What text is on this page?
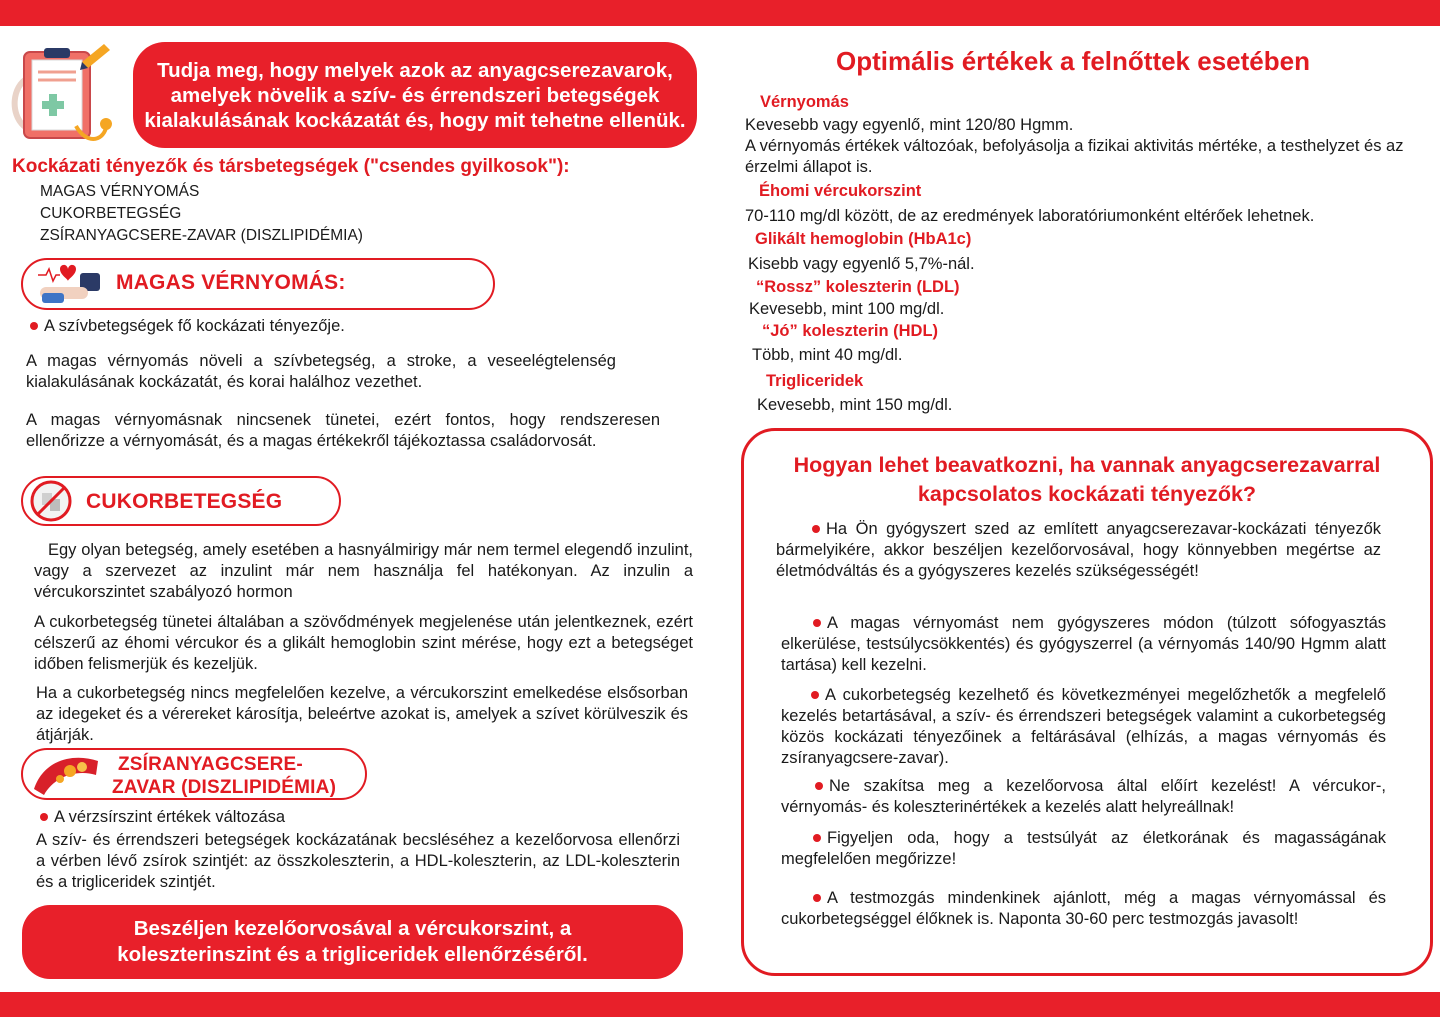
Tudja meg, hogy melyek azok az anyagcserezavarok, amelyek növelik a szív- és érrendszeri betegségek kialakulásának kockázatát és, hogy mit tehetne ellenük.
Kockázati tényezők és társbetegségek ("csendes gyilkosok"):
MAGAS VÉRNYOMÁS
CUKORBETEGSÉG
ZSÍRANYAGCSERE-ZAVAR (DISZLIPIDÉMIA)
MAGAS VÉRNYOMÁS:
A szívbetegségek fő kockázati tényezője.
A magas vérnyomás növeli a szívbetegség, a stroke, a veseelégtelenség kialakulásának kockázatát, és korai halálhoz vezethet.
A magas vérnyomásnak nincsenek tünetei, ezért fontos, hogy rendszeresen ellenőrizze a vérnyomását, és a magas értékekről tájékoztassa családorvosát.
CUKORBETEGSÉG
Egy olyan betegség, amely esetében a hasnyálmirigy már nem termel elegendő inzulint, vagy a szervezet az inzulint már nem használja fel hatékonyan. Az inzulin a vércukorszintet szabályozó hormon
A cukorbetegség tünetei általában a szövődmények megjelenése után jelentkeznek, ezért célszerű az éhomi vércukor és a glikált hemoglobin szint mérése, hogy ezt a betegséget időben felismerjük és kezeljük.
Ha a cukorbetegség nincs megfelelően kezelve, a vércukorszint emelkedése elsősorban az idegeket és a vérereket károsítja, beleértve azokat is, amelyek a szívet körülveszik és átjárják.
ZSÍRANYAGCSERE-
ZAVAR (DISZLIPIDÉMIA)
A vérzsírszint értékek változása
A szív- és érrendszeri betegségek kockázatának becsléséhez a kezelőorvosa ellenőrzi a vérben lévő zsírok szintjét: az összkoleszterin, a HDL-koleszterin, az LDL-koleszterin és a trigliceridek szintjét.
Beszéljen kezelőorvosával a vércukorszint, a koleszterinszint és a trigliceridek ellenőrzéséről.
Optimális értékek a felnőttek esetében
Vérnyomás
Kevesebb vagy egyenlő, mint 120/80 Hgmm.
A vérnyomás értékek változóak, befolyásolja a fizikai aktivitás mértéke, a testhelyzet és az érzelmi állapot is.
Éhomi vércukorszint
70-110 mg/dl között, de az eredmények laboratóriumonként eltérőek lehetnek.
Glikált hemoglobin (HbA1c)
Kisebb vagy egyenlő 5,7%-nál.
“Rossz” koleszterin (LDL)
Kevesebb, mint 100 mg/dl.
“Jó” koleszterin (HDL)
Több, mint 40 mg/dl.
Trigliceridek
Kevesebb, mint 150 mg/dl.
Hogyan lehet beavatkozni, ha vannak anyagcserezavarral kapcsolatos kockázati tényezők?
Ha Ön gyógyszert szed az említett anyagcserezavar-kockázati tényezők bármelyikére, akkor beszéljen kezelőorvosával, hogy könnyebben megértse az életmódváltás és a gyógyszeres kezelés szükségességét!
A magas vérnyomást nem gyógyszeres módon (túlzott sófogyasztás elkerülése, testsúlycsökkentés) és gyógyszerrel (a vérnyomás 140/90 Hgmm alatt tartása) kell kezelni.
A cukorbetegség kezelhető és következményei megelőzhetők a megfelelő kezelés betartásával, a szív- és érrendszeri betegségek valamint a cukorbetegség közös kockázati tényezőinek a feltárásával (elhízás, a magas vérnyomás és zsíranyagcsere-zavar).
Ne szakítsa meg a kezelőorvosa által előírt kezelést! A vércukor-, vérnyomás- és koleszterinértékek a kezelés alatt helyreállnak!
Figyeljen oda, hogy a testsúlyát az életkorának és magasságának megfelelően megőrizze!
A testmozgás mindenkinek ajánlott, még a magas vérnyomással és cukorbetegséggel élőknek is. Naponta 30-60 perc testmozgás javasolt!
